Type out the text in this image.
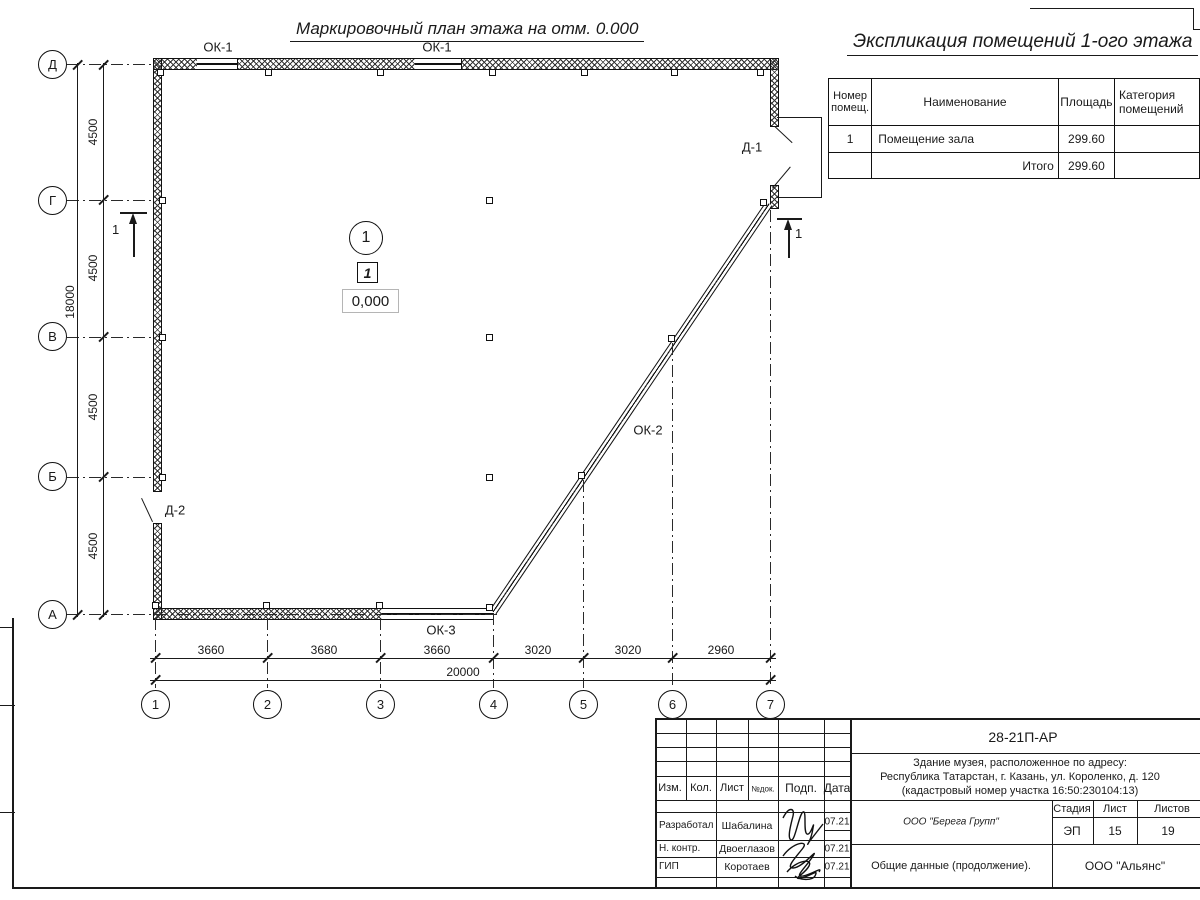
Маркировочный план этажа на отм. 0.000
ОК-1	ОК-1
ОК-2
ОК-3
Д-1
Д-2
1
1
0,000
1	1
4500
4500
4500
4500
18000
3660	3680	3660	3020	3020	2960
20000
Д
Г
В
Б
А
1	2	3	4	5	6	7
Экспликация помещений 1-ого этажа
Номер
помещ.	Наименование	Площадь	Категория
помещений
1	Помещение зала	299.60	
	Итого	299.60	
Изм. Кол. Лист №док. Подп. Дата
Разработал Шабалина	07.21
Н. контр. Двоеглазов	07.21
ГИП	Коротаев	07.21
28-21П-АР
Здание музея, расположенное по адресу:
Республика Татарстан, г. Казань, ул. Короленко, д. 120
(кадастровый номер участка 16:50:230104:13)
Стадия Лист Листов
ЭП 15	19
ООО "Берега Групп"
Общие данные (продолжение).	ООО "Альянс"
